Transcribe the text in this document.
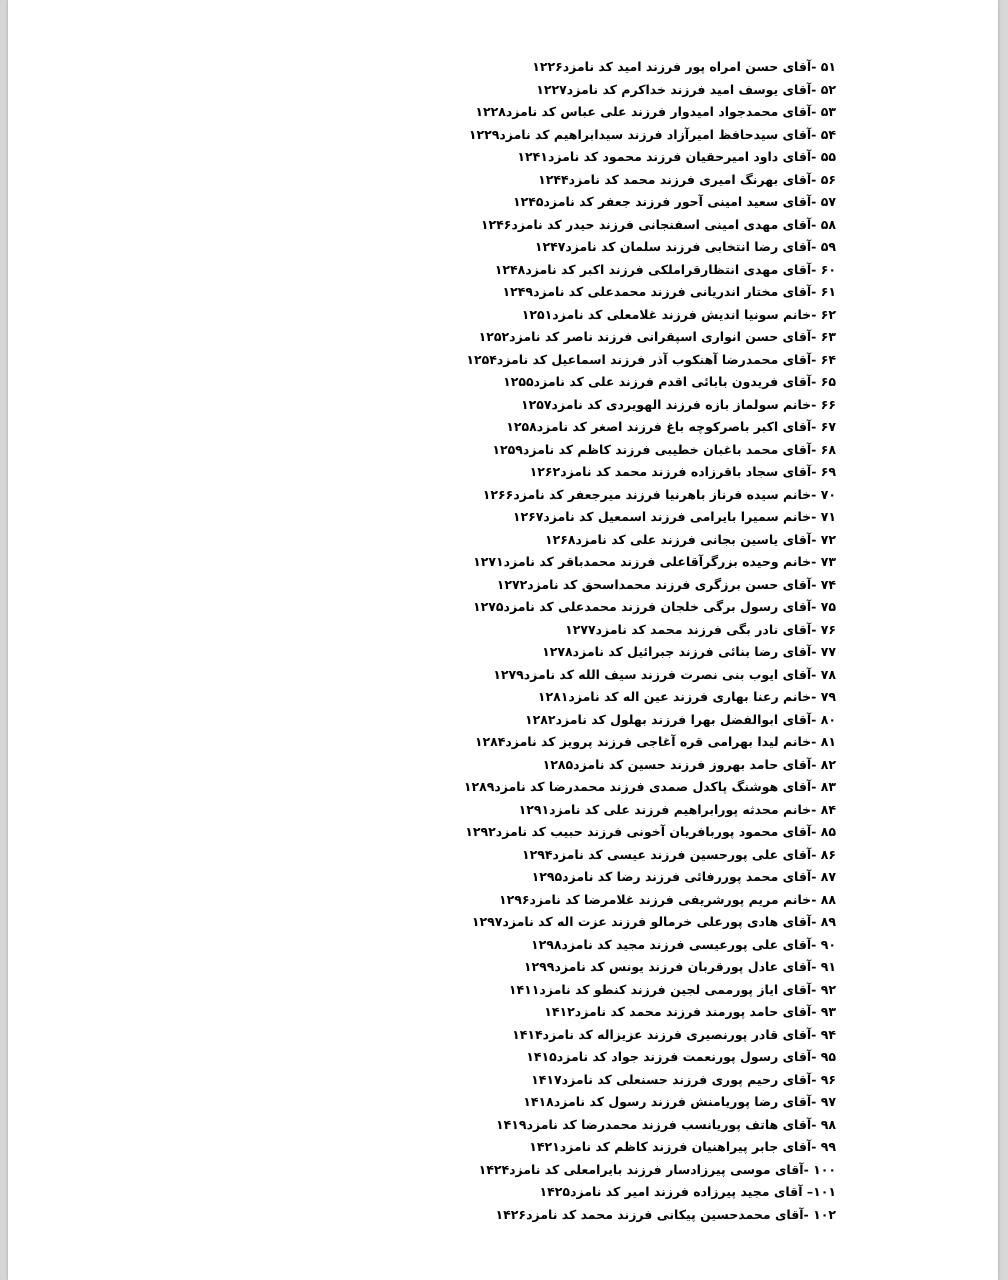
۵۱ -آقای حسن امراه پور فرزند امید کد نامزد۱۲۲۶
۵۲ -آقای یوسف امید فرزند خداکرم کد نامزد۱۲۲۷
۵۳ -آقای محمدجواد امیدوار فرزند علی عباس کد نامزد۱۲۲۸
۵۴ -آقای سیدحافظ امیرآزاد فرزند سیدابراهیم کد نامزد۱۲۲۹
۵۵ -آقای داود امیرحقیان فرزند محمود کد نامزد۱۲۴۱
۵۶ -آقای بهرنگ امیری فرزند محمد کد نامزد۱۲۴۴
۵۷ -آقای سعید امینی آحور فرزند جعفر کد نامزد۱۲۴۵
۵۸ -آقای مهدی امینی اسفنجانی فرزند حیدر کد نامزد۱۲۴۶
۵۹ -آقای رضا انتخابی فرزند سلمان کد نامزد۱۲۴۷
۶۰ -آقای مهدی انتظارقراملکی فرزند اکبر کد نامزد۱۲۴۸
۶۱ -آقای مختار اندریانی فرزند محمدعلی کد نامزد۱۲۴۹
۶۲ -خانم سونیا اندیش فرزند غلامعلی کد نامزد۱۲۵۱
۶۳ -آقای حسن انواری اسپقرانی فرزند ناصر کد نامزد۱۲۵۲
۶۴ -آقای محمدرضا آهنکوب آذر فرزند اسماعیل کد نامزد۱۲۵۴
۶۵ -آقای فریدون بابائی اقدم فرزند علی کد نامزد۱۲۵۵
۶۶ -خانم سولماز بازه فرزند الهویردی کد نامزد۱۲۵۷
۶۷ -آقای اکبر باصرکوچه باغ فرزند اصغر کد نامزد۱۲۵۸
۶۸ -آقای محمد باغبان خطیبی فرزند کاظم کد نامزد۱۲۵۹
۶۹ -آقای سجاد باقرزاده فرزند محمد کد نامزد۱۲۶۲
۷۰ -خانم سیده فرناز باهرنیا فرزند میرجعفر کد نامزد۱۲۶۶
۷۱ -خانم سمیرا بایرامی فرزند اسمعیل کد نامزد۱۲۶۷
۷۲ -آقای یاسین بجانی فرزند علی کد نامزد۱۲۶۸
۷۳ -خانم وحیده بزرگرآقاعلی فرزند محمدباقر کد نامزد۱۲۷۱
۷۴ -آقای حسن برزگری فرزند محمداسحق کد نامزد۱۲۷۲
۷۵ -آقای رسول برگی خلجان فرزند محمدعلی کد نامزد۱۲۷۵
۷۶ -آقای نادر بگی فرزند محمد کد نامزد۱۲۷۷
۷۷ -آقای رضا بنائی فرزند جبرائیل کد نامزد۱۲۷۸
۷۸ -آقای ایوب بنی نصرت فرزند سیف الله کد نامزد۱۲۷۹
۷۹ -خانم رعنا بهاری فرزند عین اله کد نامزد۱۲۸۱
۸۰ -آقای ابوالفضل بهرا فرزند بهلول کد نامزد۱۲۸۲
۸۱ -خانم لیدا بهرامی قره آغاجی فرزند پرویز کد نامزد۱۲۸۴
۸۲ -آقای حامد بهروز فرزند حسین کد نامزد۱۲۸۵
۸۳ -آقای هوشنگ پاکدل صمدی فرزند محمدرضا کد نامزد۱۲۸۹
۸۴ -خانم محدثه پورابراهیم فرزند علی کد نامزد۱۲۹۱
۸۵ -آقای محمود پوربافریان آخونی فرزند حبیب کد نامزد۱۲۹۲
۸۶ -آقای علی پورحسین فرزند عیسی کد نامزد۱۲۹۴
۸۷ -آقای محمد پوررفائی فرزند رضا کد نامزد۱۲۹۵
۸۸ -خانم مریم پورشریفی فرزند غلامرضا کد نامزد۱۲۹۶
۸۹ -آقای هادی پورعلی خرمالو فرزند عزت اله کد نامزد۱۲۹۷
۹۰ -آقای علی پورعیسی فرزند مجید کد نامزد۱۲۹۸
۹۱ -آقای عادل پورقربان فرزند یونس کد نامزد۱۲۹۹
۹۲ -آقای ایاز پورممی لجین فرزند کنطو کد نامزد۱۴۱۱
۹۳ -آقای حامد پورمند فرزند محمد کد نامزد۱۴۱۲
۹۴ -آقای قادر پورنصیری فرزند عزیزاله کد نامزد۱۴۱۴
۹۵ -آقای رسول پورنعمت فرزند جواد کد نامزد۱۴۱۵
۹۶ -آقای رحیم پوری فرزند حسنعلی کد نامزد۱۴۱۷
۹۷ -آقای رضا پوریامنش فرزند رسول کد نامزد۱۴۱۸
۹۸ -آقای هاتف پوریانسب فرزند محمدرضا کد نامزد۱۴۱۹
۹۹ -آقای جابر پیراهنیان فرزند کاظم کد نامزد۱۴۲۱
۱۰۰ -آقای موسی پیرزادسار فرزند بایرامعلی کد نامزد۱۴۲۴
۱۰۱– آقای مجید پیرزاده فرزند امیر کد نامزد۱۴۲۵
۱۰۲ -آقای محمدحسین پیکانی فرزند محمد کد نامزد۱۴۲۶
